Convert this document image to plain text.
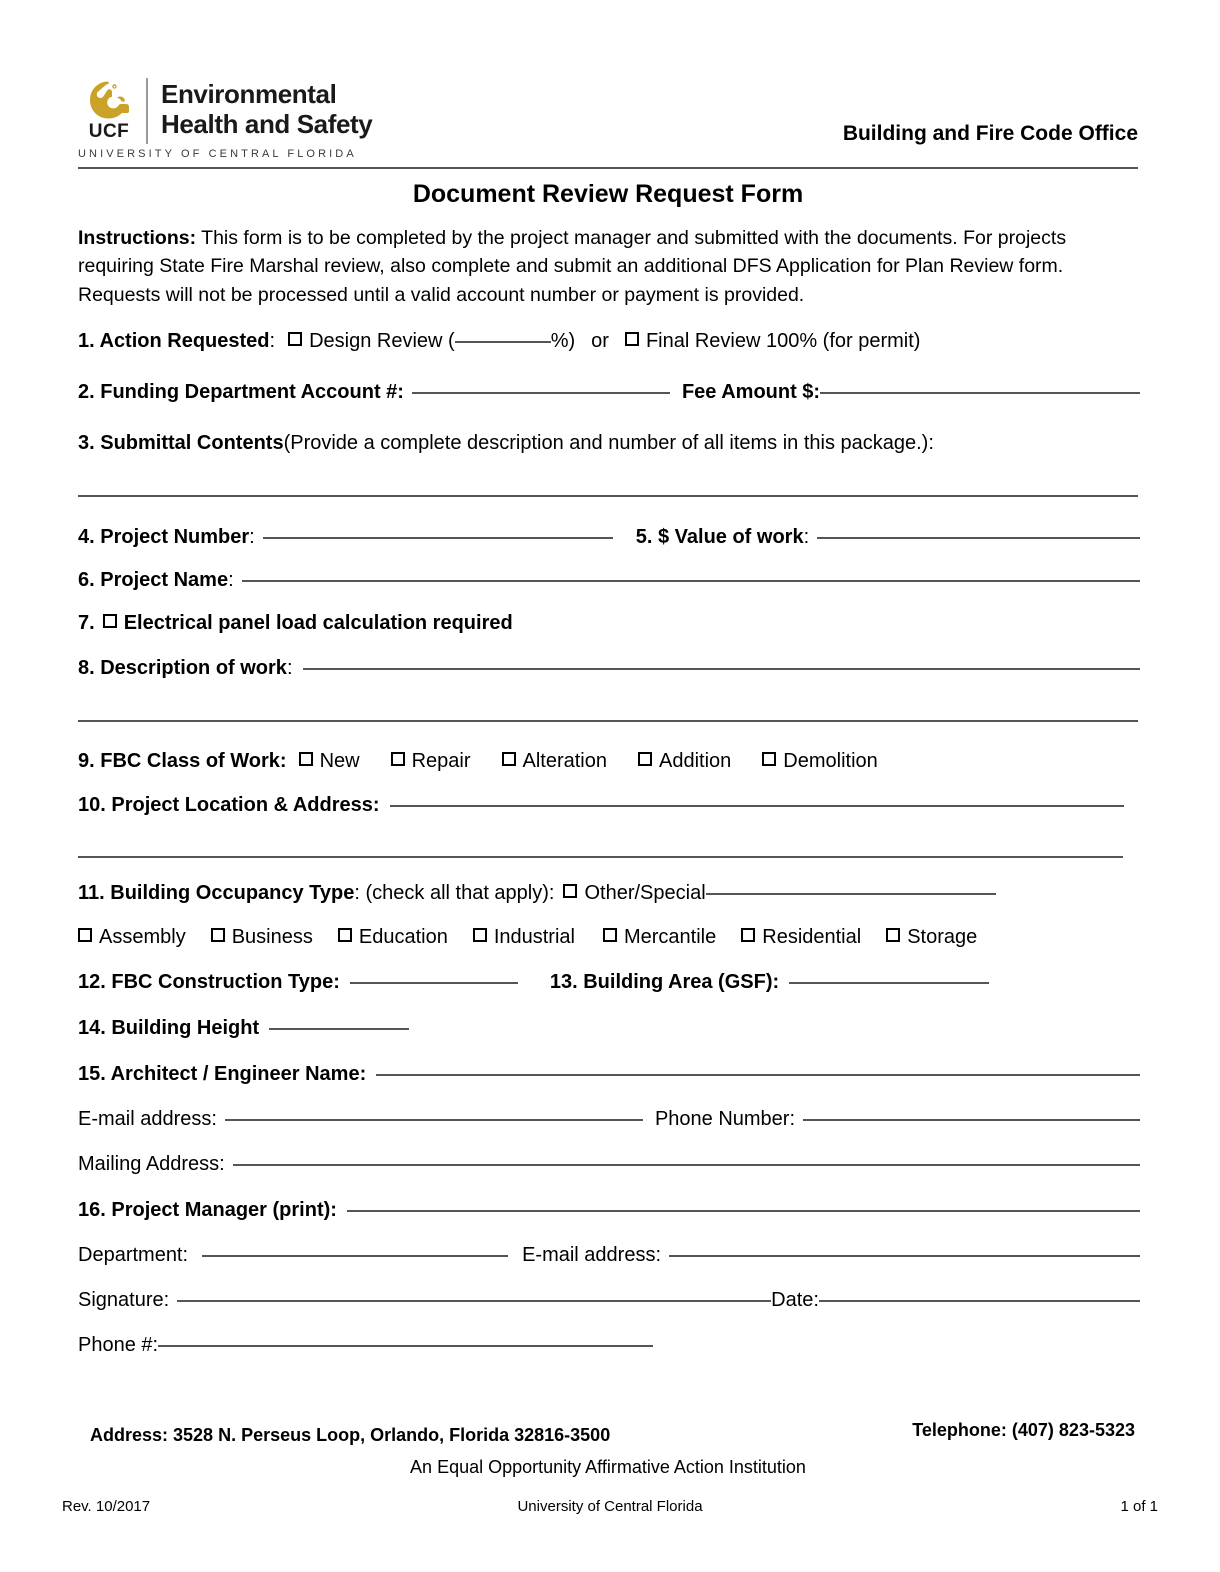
UCF
Environmental
Health and Safety
UNIVERSITY OF CENTRAL FLORIDA
Building and Fire Code Office
Document Review Request Form
Instructions: This form is to be completed by the project manager and submitted with the documents. For projects requiring State Fire Marshal review, also complete and submit an additional DFS Application for Plan Review form. Requests will not be processed until a valid account number or payment is provided.
1. Action Requested : Design Review (	%) or Final Review 100% (for permit)
2. Funding Department Account #:	Fee Amount $:
3. Submittal Contents (Provide a complete description and number of all items in this package.):
4. Project Number :	5. $ Value of work :
6. Project Name :
7. Electrical panel load calculation required
8. Description of work :
9. FBC Class of Work: New	Repair	Alteration	Addition	Demolition
10. Project Location & Address:
11. Building Occupancy Type : (check all that apply): Other/Special
Assembly Business Education Industrial Mercantile Residential Storage
12. FBC Construction Type:	13. Building Area (GSF):
14. Building Height
15. Architect / Engineer Name:
E-mail address:	Phone Number:
Mailing Address:
16. Project Manager (print):
Department:	E-mail address:
Signature:	Date:
Phone #:
Address: 3528 N. Perseus Loop, Orlando, Florida 32816-3500	Telephone: (407) 823-5323
An Equal Opportunity Affirmative Action Institution
Rev. 10/2017	University of Central Florida	1 of 1
